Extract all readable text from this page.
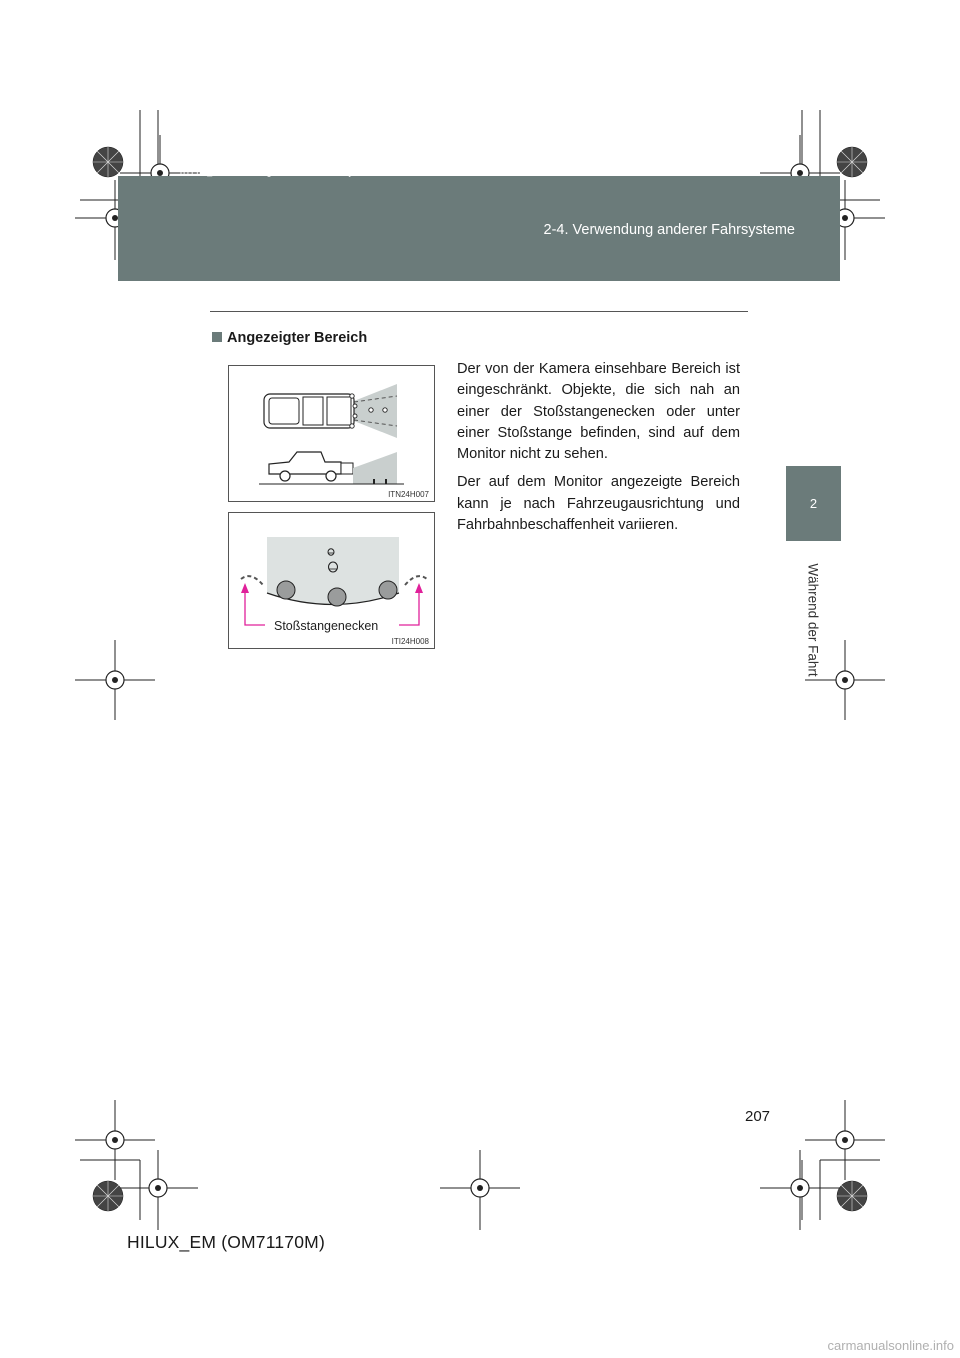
2-4. Verwendung anderer Fahrsysteme
HILUX_EM.book Page 207 Wednesday, March 23, 2011 2:48 PM
2
Während der Fahrt
Angezeigter Bereich

Der von der Kamera einsehbare Bereich ist eingeschränkt. Objekte, die sich nah an einer der Stoßstangenecken oder unter einer Stoßstange befinden, sind auf dem Monitor nicht zu sehen.

Der auf dem Monitor angezeigte Bereich kann je nach Fahrzeugausrichtung und Fahrbahnbeschaffenheit variieren.

ITN24H007
ITI24H008
Stoßstangenecken
207
HILUX_EM (OM71170M)
carmanualsonline.info
